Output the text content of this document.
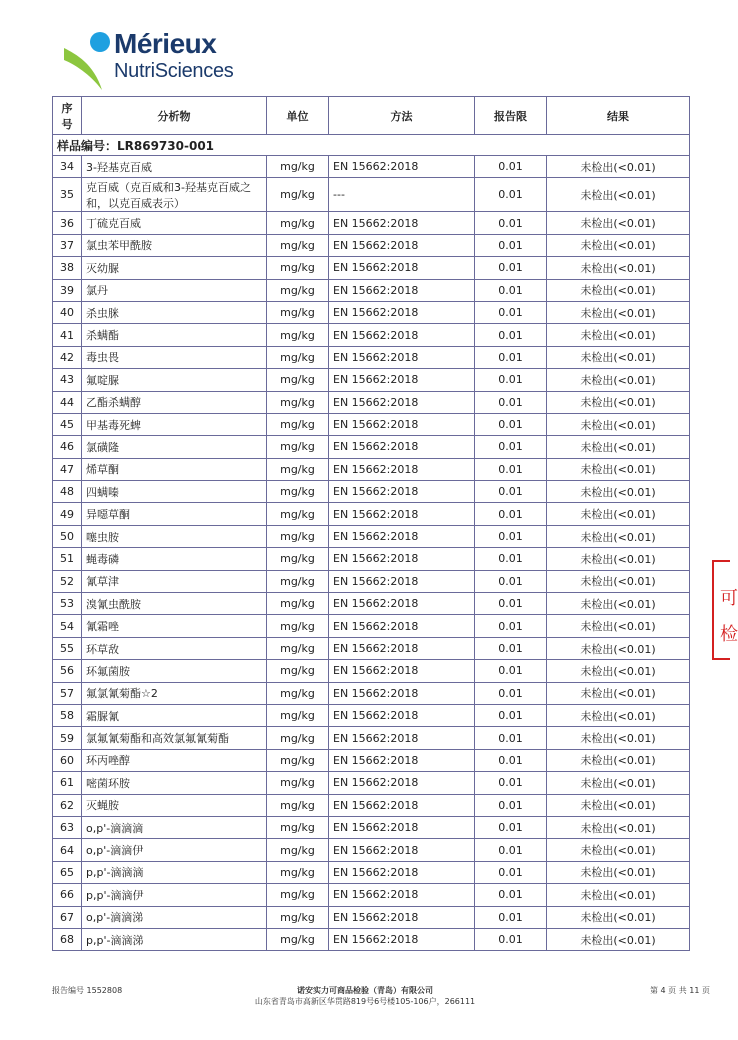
Mérieux
NutriSciences
序号	分析物	单位	方法	报告限	结果
样品编号：LR869730-001					
34	3-羟基克百威	mg/kg	EN 15662:2018	0.01	未检出(<0.01)
35	克百威（克百威和3-羟基克百威之和，以克百威表示）	mg/kg	---	0.01	未检出(<0.01)
36	丁硫克百威	mg/kg	EN 15662:2018	0.01	未检出(<0.01)
37	氯虫苯甲酰胺	mg/kg	EN 15662:2018	0.01	未检出(<0.01)
38	灭幼脲	mg/kg	EN 15662:2018	0.01	未检出(<0.01)
39	氯丹	mg/kg	EN 15662:2018	0.01	未检出(<0.01)
40	杀虫脒	mg/kg	EN 15662:2018	0.01	未检出(<0.01)
41	杀螨酯	mg/kg	EN 15662:2018	0.01	未检出(<0.01)
42	毒虫畏	mg/kg	EN 15662:2018	0.01	未检出(<0.01)
43	氟啶脲	mg/kg	EN 15662:2018	0.01	未检出(<0.01)
44	乙酯杀螨醇	mg/kg	EN 15662:2018	0.01	未检出(<0.01)
45	甲基毒死蜱	mg/kg	EN 15662:2018	0.01	未检出(<0.01)
46	氯磺隆	mg/kg	EN 15662:2018	0.01	未检出(<0.01)
47	烯草酮	mg/kg	EN 15662:2018	0.01	未检出(<0.01)
48	四螨嗪	mg/kg	EN 15662:2018	0.01	未检出(<0.01)
49	异噁草酮	mg/kg	EN 15662:2018	0.01	未检出(<0.01)
50	噻虫胺	mg/kg	EN 15662:2018	0.01	未检出(<0.01)
51	蝇毒磷	mg/kg	EN 15662:2018	0.01	未检出(<0.01)
52	氰草津	mg/kg	EN 15662:2018	0.01	未检出(<0.01)
53	溴氰虫酰胺	mg/kg	EN 15662:2018	0.01	未检出(<0.01)
54	氰霜唑	mg/kg	EN 15662:2018	0.01	未检出(<0.01)
55	环草敌	mg/kg	EN 15662:2018	0.01	未检出(<0.01)
56	环氟菌胺	mg/kg	EN 15662:2018	0.01	未检出(<0.01)
57	氟氯氰菊酯☆2	mg/kg	EN 15662:2018	0.01	未检出(<0.01)
58	霜脲氰	mg/kg	EN 15662:2018	0.01	未检出(<0.01)
59	氯氟氰菊酯和高效氯氟氰菊酯	mg/kg	EN 15662:2018	0.01	未检出(<0.01)
60	环丙唑醇	mg/kg	EN 15662:2018	0.01	未检出(<0.01)
61	嘧菌环胺	mg/kg	EN 15662:2018	0.01	未检出(<0.01)
62	灭蝇胺	mg/kg	EN 15662:2018	0.01	未检出(<0.01)
63	o,p'-滴滴滴	mg/kg	EN 15662:2018	0.01	未检出(<0.01)
64	o,p'-滴滴伊	mg/kg	EN 15662:2018	0.01	未检出(<0.01)
65	p,p'-滴滴滴	mg/kg	EN 15662:2018	0.01	未检出(<0.01)
66	p,p'-滴滴伊	mg/kg	EN 15662:2018	0.01	未检出(<0.01)
67	o,p'-滴滴涕	mg/kg	EN 15662:2018	0.01	未检出(<0.01)
68	p,p'-滴滴涕	mg/kg	EN 15662:2018	0.01	未检出(<0.01)
可
检
报告编号 1552808	诺安实力可商品检验（青岛）有限公司
山东省青岛市高新区华贯路819号6号楼105-106户，266111
第 4 页 共 11 页
